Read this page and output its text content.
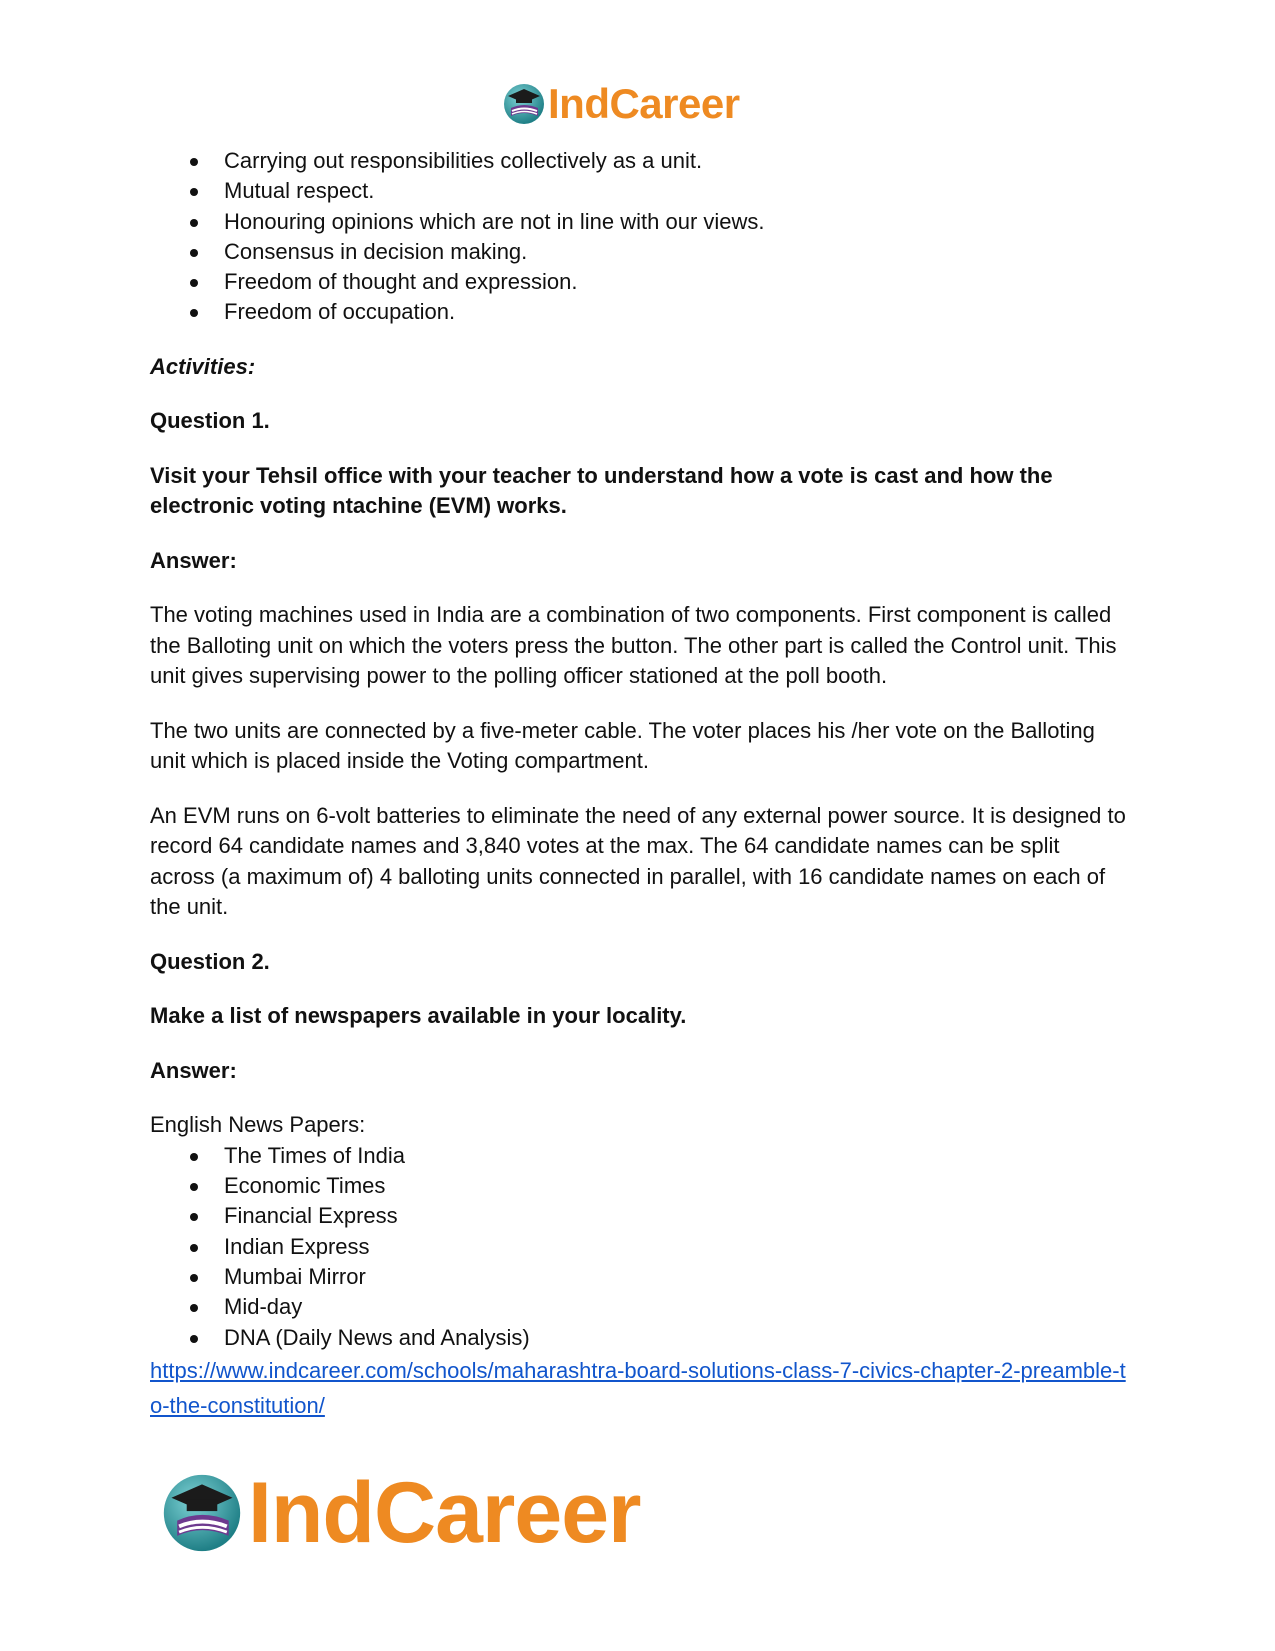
IndCareer
Carrying out responsibilities collectively as a unit.
Mutual respect.
Honouring opinions which are not in line with our views.
Consensus in decision making.
Freedom of thought and expression.
Freedom of occupation.

Activities:

Question 1.

Visit your Tehsil office with your teacher to understand how a vote is cast and how the electronic voting ntachine (EVM) works.

Answer:

The voting machines used in India are a combination of two components. First component is called the Balloting unit on which the voters press the button. The other part is called the Control unit. This unit gives supervising power to the polling officer stationed at the poll booth.

The two units are connected by a five-meter cable. The voter places his /her vote on the Balloting unit which is placed inside the Voting compartment.

An EVM runs on 6-volt batteries to eliminate the need of any external power source. It is designed to record 64 candidate names and 3,840 votes at the max. The 64 candidate names can be split across (a maximum of) 4 balloting units connected in parallel, with 16 candidate names on each of the unit.

Question 2.

Make a list of newspapers available in your locality.

Answer:

English News Papers:

The Times of India
Economic Times
Financial Express
Indian Express
Mumbai Mirror
Mid-day
DNA (Daily News and Analysis)
https://www.indcareer.com/schools/maharashtra-board-solutions-class-7-civics-chapter-2-preamble-to-the-constitution/
IndCareer
